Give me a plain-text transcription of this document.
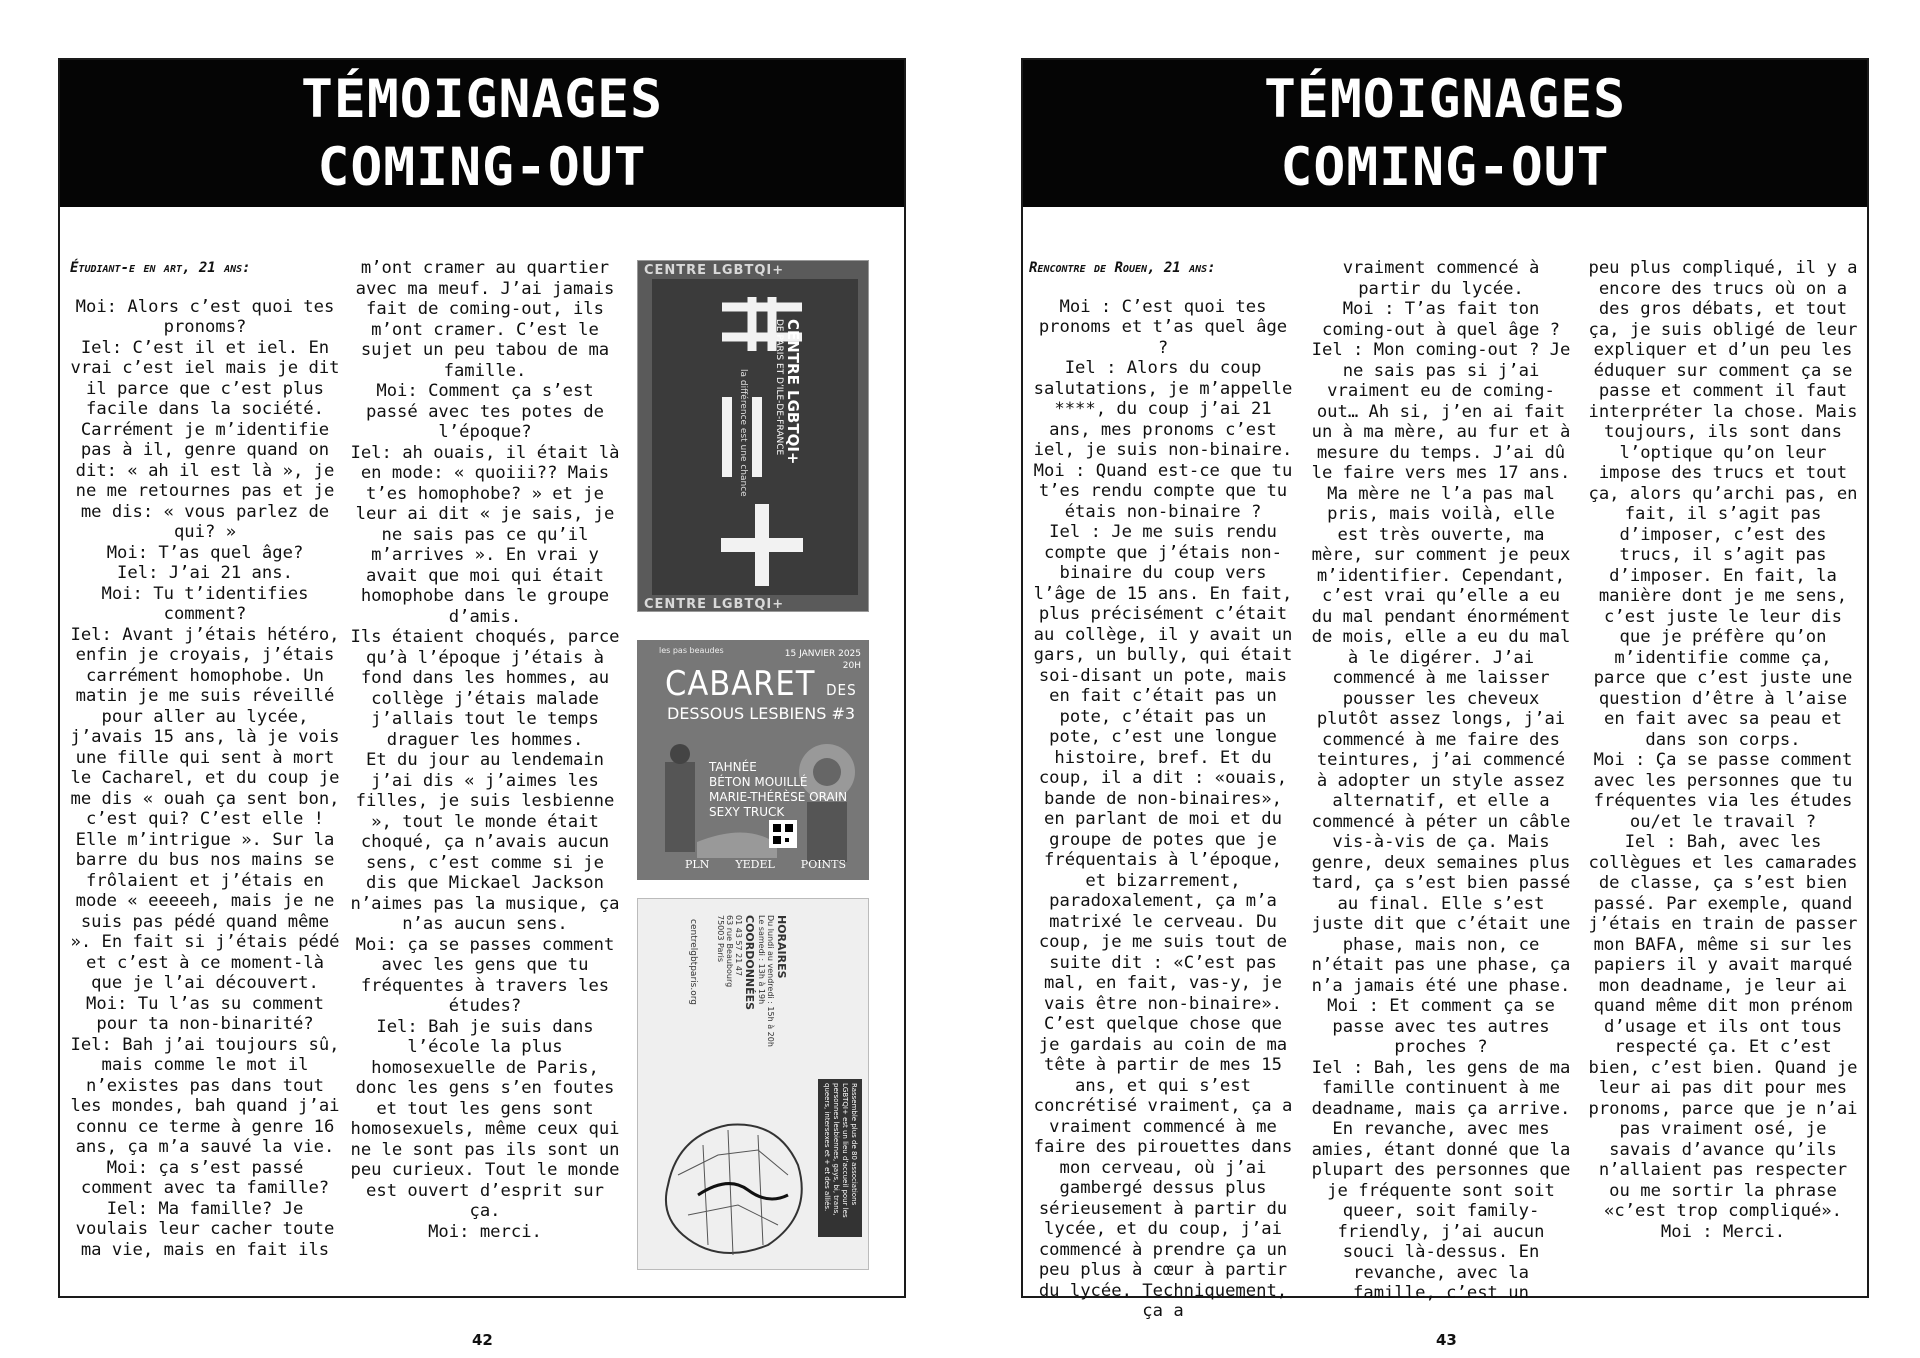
TÉMOIGNAGES
COMING-OUT

Étudiant-e en art, 21 ans:

Moi: Alors c’est quoi tes pronoms?

Iel: C’est il et iel. En vrai c’est iel mais je dit il parce que c’est plus facile dans la société. Carrément je m’identifie pas à il, genre quand on dit: « ah il est là », je ne me retournes pas et je me dis: « vous parlez de qui? »

Moi: T’as quel âge?

Iel: J’ai 21 ans.

Moi: Tu t’identifies comment?

Iel: Avant j’étais hétéro, enfin je croyais, j’étais carrément homophobe. Un matin je me suis réveillé pour aller au lycée, j’avais 15 ans, là je vois une fille qui sent à mort le Cacharel, et du coup je me dis « ouah ça sent bon, c’est qui? C’est elle ! Elle m’intrigue ». Sur la barre du bus nos mains se frôlaient et j’étais en mode « eeeeeh, mais je ne suis pas pédé quand même ». En fait si j’étais pédé et c’est à ce moment-là que je l’ai découvert.

Moi: Tu l’as su comment pour ta non-binarité?

Iel: Bah j’ai toujours sû, mais comme le mot il n’existes pas dans tout les mondes, bah quand j’ai connu ce terme à genre 16 ans, ça m’a sauvé la vie.

Moi: ça s’est passé comment avec ta famille?

Iel: Ma famille? Je voulais leur cacher toute ma vie, mais en fait ils

m’ont cramer au quartier avec ma meuf. J’ai jamais fait de coming-out, ils m’ont cramer. C’est le sujet un peu tabou de ma famille.

Moi: Comment ça s’est passé avec tes potes de l’époque?

Iel: ah ouais, il était là en mode: « quoiii?? Mais t’es homophobe? » et je leur ai dit « je sais, je ne sais pas ce qu’il m’arrives ». En vrai y avait que moi qui était homophobe dans le groupe d’amis.

Ils étaient choqués, parce qu’à l’époque j’étais à fond dans les hommes, au collège j’étais malade j’allais tout le temps draguer les hommes.

Et du jour au lendemain j’ai dis « j’aimes les filles, je suis lesbienne », tout le monde était choqué, ça n’avais aucun sens, c’est comme si je dis que Mickael Jackson n’aimes pas la musique, ça n’as aucun sens.

Moi: ça se passes comment avec les gens que tu fréquentes à travers les études?

Iel: Bah je suis dans l’école la plus homosexuelle de Paris, donc les gens s’en foutes et tout les gens sont homosexuels, même ceux qui ne le sont pas ils sont un peu curieux. Tout le monde est ouvert d’esprit sur ça.

Moi: merci.

CENTRE LGBTQI+
CENTRE LGBTQI+
CENTRE LGBTQI+
DE PARIS ET D’ILE-DE-FRANCE
la différence est une chance
les pas beaudes	15 JANVIER 2025
20H
CABARET DES
DESSOUS LESBIENS #3
TAHNÉE
BÉTON MOUILLÉ
MARIE-THÉRÈSE ORAIN
SEXY TRUCK
PLN YEDEL POINTS
HORAIRES
Du lundi au vendredi : 15h à 20h
Le samedi : 13h à 19h
COORDONNÉES
01 43 57 21 47
63 rue Beaubourg
75003 Paris
centrelgbtparis.org
Rassemble plus de 80 associations LGBTQI+ est un lieu d’accueil pour les personnes lesbiennes, gays, bi, trans, queers, intersexes et + et des alliés.
42
TÉMOIGNAGES
COMING-OUT

Rencontre de Rouen, 21 ans:

Moi : C’est quoi tes pronoms et t’as quel âge ?

Iel : Alors du coup salutations, je m’appelle ****, du coup j’ai 21 ans, mes pronoms c’est iel, je suis non-binaire.

Moi : Quand est-ce que tu t’es rendu compte que tu étais non-binaire ?

Iel : Je me suis rendu compte que j’étais non-binaire du coup vers l’âge de 15 ans. En fait, plus précisément c’était au collège, il y avait un gars, un bully, qui était soi-disant un pote, mais en fait c’était pas un pote, c’était pas un pote, c’est une longue histoire, bref. Et du coup, il a dit : «ouais, bande de non-binaires», en parlant de moi et du groupe de potes que je fréquentais à l’époque, et bizarrement, paradoxalement, ça m’a matrixé le cerveau. Du coup, je me suis tout de suite dit : «C’est pas mal, en fait, vas-y, je vais être non-binaire». C’est quelque chose que je gardais au coin de ma tête à partir de mes 15 ans, et qui s’est concrétisé vraiment, ça a vraiment commencé à me faire des pirouettes dans mon cerveau, où j’ai gambergé dessus plus sérieusement à partir du lycée, et du coup, j’ai commencé à prendre ça un peu plus à cœur à partir du lycée. Techniquement, ça a

vraiment commencé à partir du lycée.

Moi : T’as fait ton coming-out à quel âge ?

Iel : Mon coming-out ? Je ne sais pas si j’ai vraiment eu de coming-out… Ah si, j’en ai fait un à ma mère, au fur et à mesure du temps. J’ai dû le faire vers mes 17 ans. Ma mère ne l’a pas mal pris, mais voilà, elle est très ouverte, ma mère, sur comment je peux m’identifier. Cependant, c’est vrai qu’elle a eu du mal pendant énormément de mois, elle a eu du mal à le digérer. J’ai commencé à me laisser pousser les cheveux plutôt assez longs, j’ai commencé à me faire des teintures, j’ai commencé à adopter un style assez alternatif, et elle a commencé à péter un câble vis-à-vis de ça. Mais genre, deux semaines plus tard, ça s’est bien passé au final. Elle s’est juste dit que c’était une phase, mais non, ce n’était pas une phase, ça n’a jamais été une phase.

Moi : Et comment ça se passe avec tes autres proches ?

Iel : Bah, les gens de ma famille continuent à me deadname, mais ça arrive. En revanche, avec mes amies, étant donné que la plupart des personnes que je fréquente sont soit queer, soit family-friendly, j’ai aucun souci là-dessus. En revanche, avec la famille, c’est un

peu plus compliqué, il y a encore des trucs où on a des gros débats, et tout ça, je suis obligé de leur expliquer et d’un peu les éduquer sur comment ça se passe et comment il faut interpréter la chose. Mais toujours, ils sont dans l’optique qu’on leur impose des trucs et tout ça, alors qu’archi pas, en fait, il s’agit pas d’imposer, c’est des trucs, il s’agit pas d’imposer. En fait, la manière dont je me sens, c’est juste le leur dis que je préfère qu’on m’identifie comme ça, parce que c’est juste une question d’être à l’aise en fait avec sa peau et dans son corps.

Moi : Ça se passe comment avec les personnes que tu fréquentes via les études ou/et le travail ?

Iel : Bah, avec les collègues et les camarades de classe, ça s’est bien passé. Par exemple, quand j’étais en train de passer mon BAFA, même si sur les papiers il y avait marqué mon deadname, je leur ai quand même dit mon prénom d’usage et ils ont tous respecté ça. Et c’est bien, c’est bien. Quand je leur ai pas dit pour mes pronoms, parce que je n’ai pas vraiment osé, je savais d’avance qu’ils n’allaient pas respecter ou me sortir la phrase «c’est trop compliqué».

Moi : Merci.

43
